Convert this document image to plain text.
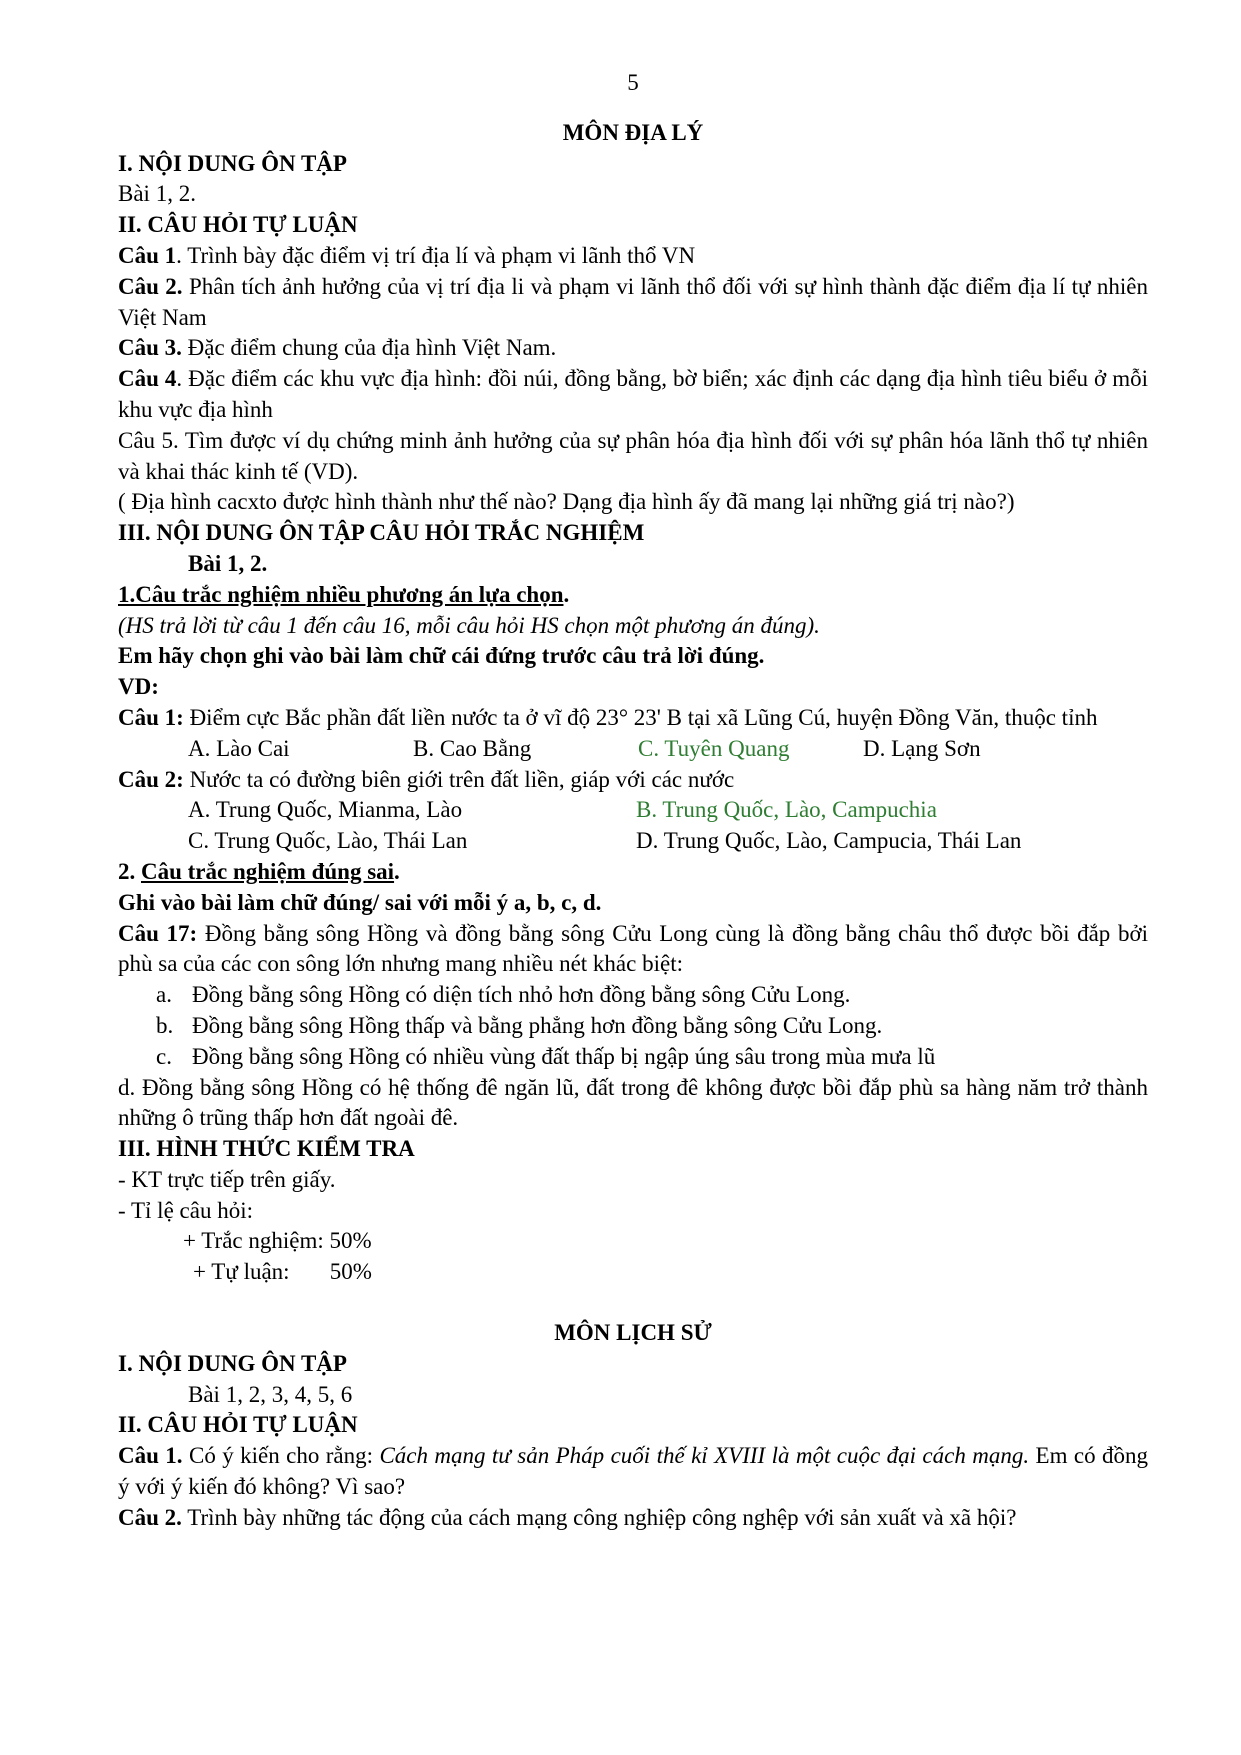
5

MÔN ĐỊA LÝ

I. NỘI DUNG ÔN TẬP

Bài 1, 2.

II. CÂU HỎI TỰ LUẬN

Câu 1. Trình bày đặc điểm vị trí địa lí và phạm vi lãnh thổ VN

Câu 2. Phân tích ảnh hưởng của vị trí địa li và phạm vi lãnh thổ đối với sự hình thành đặc điểm địa lí tự nhiên Việt Nam

Câu 3. Đặc điểm chung của địa hình Việt Nam.

Câu 4. Đặc điểm các khu vực địa hình: đồi núi, đồng bằng, bờ biển; xác định các dạng địa hình tiêu biểu ở mỗi khu vực địa hình

Câu 5. Tìm được ví dụ chứng minh ảnh hưởng của sự phân hóa địa hình đối với sự phân hóa lãnh thổ tự nhiên và khai thác kinh tế (VD).

( Địa hình cacxto được hình thành như thế nào? Dạng địa hình ấy đã mang lại những giá trị nào?)

III. NỘI DUNG ÔN TẬP CÂU HỎI TRẮC NGHIỆM

Bài 1, 2.

1.Câu trắc nghiệm nhiều phương án lựa chọn.

(HS trả lời từ câu 1 đến câu 16, mỗi câu hỏi HS chọn một phương án đúng).

Em hãy chọn ghi vào bài làm chữ cái đứng trước câu trả lời đúng.

VD:

Câu 1: Điểm cực Bắc phần đất liền nước ta ở vĩ độ 23° 23' B tại xã Lũng Cú, huyện Đồng Văn, thuộc tỉnh

A. Lào Cai	B. Cao Bằng	C. Tuyên Quang	D. Lạng Sơn

Câu 2: Nước ta có đường biên giới trên đất liền, giáp với các nước

A. Trung Quốc, Mianma, Lào	B. Trung Quốc, Lào, Campuchia
C. Trung Quốc, Lào, Thái Lan	D. Trung Quốc, Lào, Campucia, Thái Lan

2. Câu trắc nghiệm đúng sai.

Ghi vào bài làm chữ đúng/ sai với mỗi ý a, b, c, d.

Câu 17: Đồng bằng sông Hồng và đồng bằng sông Cửu Long cùng là đồng bằng châu thổ được bồi đắp bởi phù sa của các con sông lớn nhưng mang nhiều nét khác biệt:

a. Đồng bằng sông Hồng có diện tích nhỏ hơn đồng bằng sông Cửu Long.

b. Đồng bằng sông Hồng thấp và bằng phẳng hơn đồng bằng sông Cửu Long.

c. Đồng bằng sông Hồng có nhiều vùng đất thấp bị ngập úng sâu trong mùa mưa lũ

d. Đồng bằng sông Hồng có hệ thống đê ngăn lũ, đất trong đê không được bồi đắp phù sa hàng năm trở thành những ô trũng thấp hơn đất ngoài đê.

III. HÌNH THỨC KIỂM TRA

- KT trực tiếp trên giấy.

- Tỉ lệ câu hỏi:

+ Trắc nghiệm: 50%

+ Tự luận:       50%

MÔN LỊCH SỬ

I. NỘI DUNG ÔN TẬP

Bài 1, 2, 3, 4, 5, 6

II. CÂU HỎI TỰ LUẬN

Câu 1. Có ý kiến cho rằng: Cách mạng tư sản Pháp cuối thế kỉ XVIII là một cuộc đại cách mạng. Em có đồng ý với ý kiến đó không? Vì sao?

Câu 2. Trình bày những tác động của cách mạng công nghiệp công nghệp với sản xuất và xã hội?
